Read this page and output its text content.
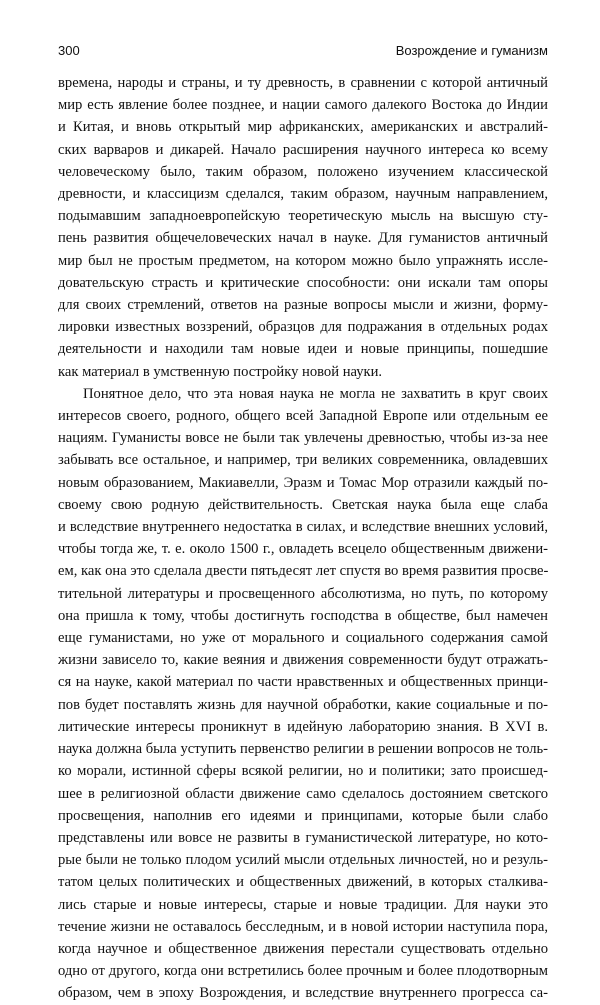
300	Возрождение и гуманизм
времена, народы и страны, и ту древность, в сравнении с которой античный
мир есть явление более позднее, и нации самого далекого Востока до Индии
и Китая, и вновь открытый мир африканских, американских и австралий-
ских варваров и дикарей. Начало расширения научного интереса ко всему
человеческому было, таким образом, положено изучением классической
древности, и классицизм сделался, таким образом, научным направлением,
подымавшим западноевропейскую теоретическую мысль на высшую сту-
пень развития общечеловеческих начал в науке. Для гуманистов античный
мир был не простым предметом, на котором можно было упражнять иссле-
довательскую страсть и критические способности: они искали там опоры
для своих стремлений, ответов на разные вопросы мысли и жизни, форму-
лировки известных воззрений, образцов для подражания в отдельных родах
деятельности и находили там новые идеи и новые принципы, пошедшие
как материал в умственную постройку новой науки.
Понятное дело, что эта новая наука не могла не захватить в круг своих
интересов своего, родного, общего всей Западной Европе или отдельным ее
нациям. Гуманисты вовсе не были так увлечены древностью, чтобы из-за нее
забывать все остальное, и например, три великих современника, овладевших
новым образованием, Макиавелли, Эразм и Томас Мор отразили каждый по-
своему свою родную действительность. Светская наука была еще слаба
и вследствие внутреннего недостатка в силах, и вследствие внешних условий,
чтобы тогда же, т. е. около 1500 г., овладеть всецело общественным движени-
ем, как она это сделала двести пятьдесят лет спустя во время развития просве-
тительной литературы и просвещенного абсолютизма, но путь, по которому
она пришла к тому, чтобы достигнуть господства в обществе, был намечен
еще гуманистами, но уже от морального и социального содержания самой
жизни зависело то, какие веяния и движения современности будут отражать-
ся на науке, какой материал по части нравственных и общественных принци-
пов будет поставлять жизнь для научной обработки, какие социальные и по-
литические интересы проникнут в идейную лабораторию знания. В XVI в.
наука должна была уступить первенство религии в решении вопросов не толь-
ко морали, истинной сферы всякой религии, но и политики; зато происшед-
шее в религиозной области движение само сделалось достоянием светского
просвещения, наполнив его идеями и принципами, которые были слабо
представлены или вовсе не развиты в гуманистической литературе, но кото-
рые были не только плодом усилий мысли отдельных личностей, но и резуль-
татом целых политических и общественных движений, в которых сталкива-
лись старые и новые интересы, старые и новые традиции. Для науки это
течение жизни не оставалось бесследным, и в новой истории наступила пора,
когда научное и общественное движения перестали существовать отдельно
одно от другого, когда они встретились более прочным и более плодотворным
образом, чем в эпоху Возрождения, и вследствие внутреннего прогресса са-
